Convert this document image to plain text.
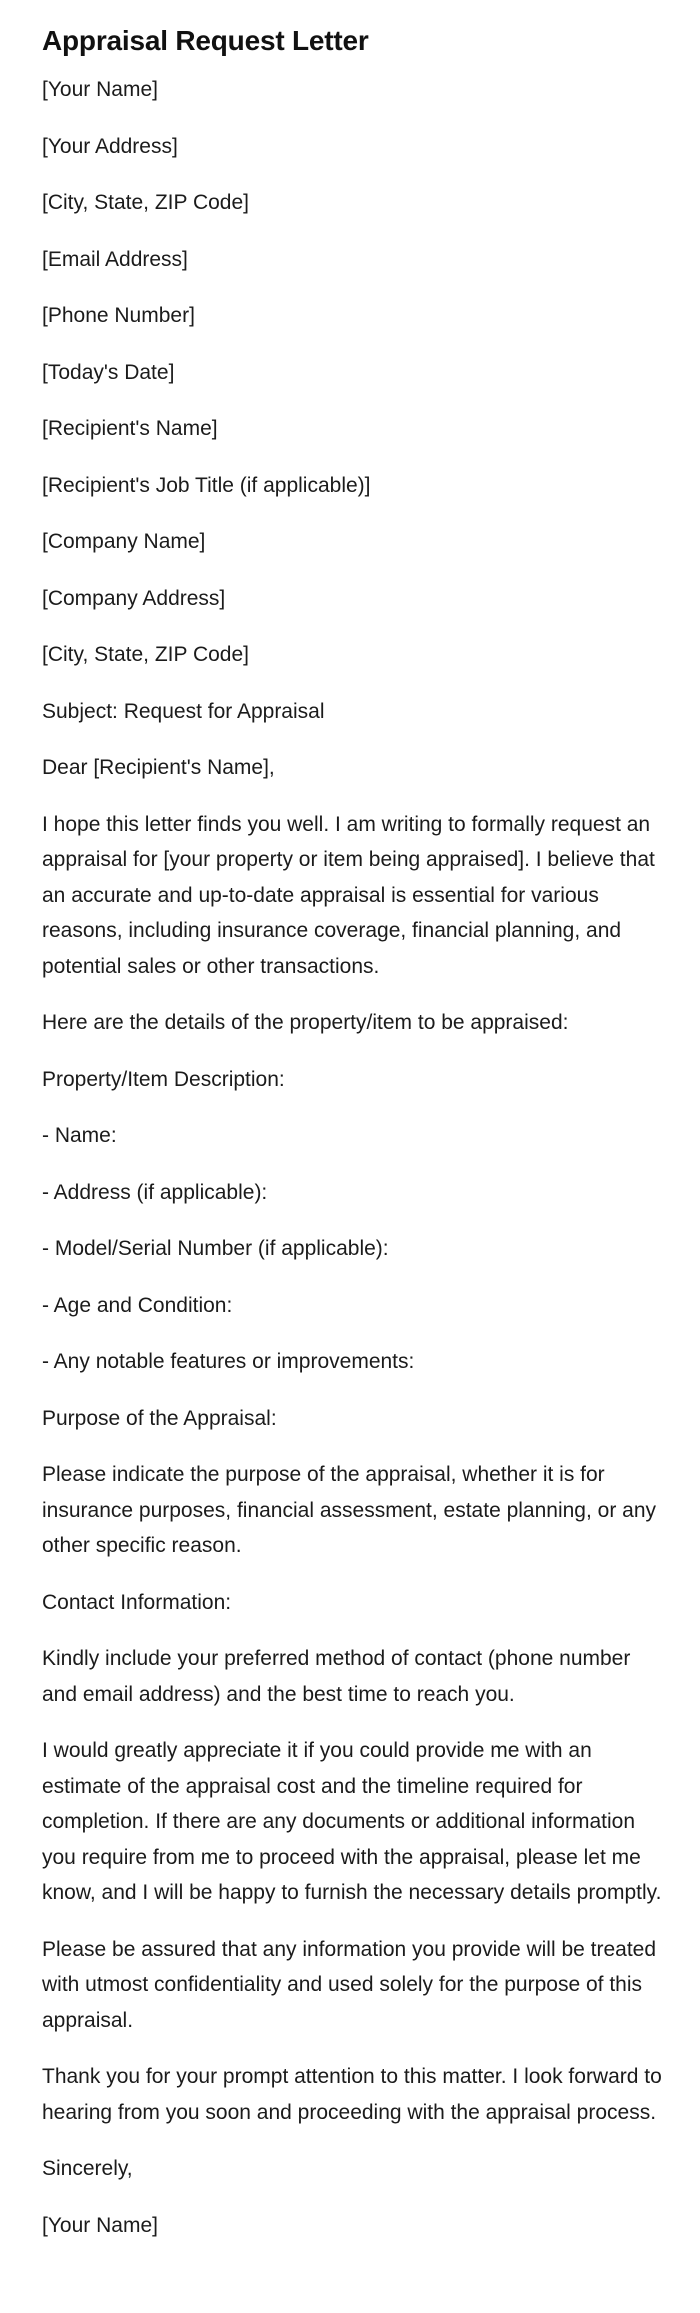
Appraisal Request Letter

[Your Name]

[Your Address]

[City, State, ZIP Code]

[Email Address]

[Phone Number]

[Today's Date]

[Recipient's Name]

[Recipient's Job Title (if applicable)]

[Company Name]

[Company Address]

[City, State, ZIP Code]

Subject: Request for Appraisal

Dear [Recipient's Name],

I hope this letter finds you well. I am writing to formally request an appraisal for [your property or item being appraised]. I believe that an accurate and up-to-date appraisal is essential for various reasons, including insurance coverage, financial planning, and potential sales or other transactions.

Here are the details of the property/item to be appraised:

Property/Item Description:

- Name:

- Address (if applicable):

- Model/Serial Number (if applicable):

- Age and Condition:

- Any notable features or improvements:

Purpose of the Appraisal:

Please indicate the purpose of the appraisal, whether it is for insurance purposes, financial assessment, estate planning, or any other specific reason.

Contact Information:

Kindly include your preferred method of contact (phone number and email address) and the best time to reach you.

I would greatly appreciate it if you could provide me with an estimate of the appraisal cost and the timeline required for completion. If there are any documents or additional information you require from me to proceed with the appraisal, please let me know, and I will be happy to furnish the necessary details promptly.

Please be assured that any information you provide will be treated with utmost confidentiality and used solely for the purpose of this appraisal.

Thank you for your prompt attention to this matter. I look forward to hearing from you soon and proceeding with the appraisal process.

Sincerely,

[Your Name]
